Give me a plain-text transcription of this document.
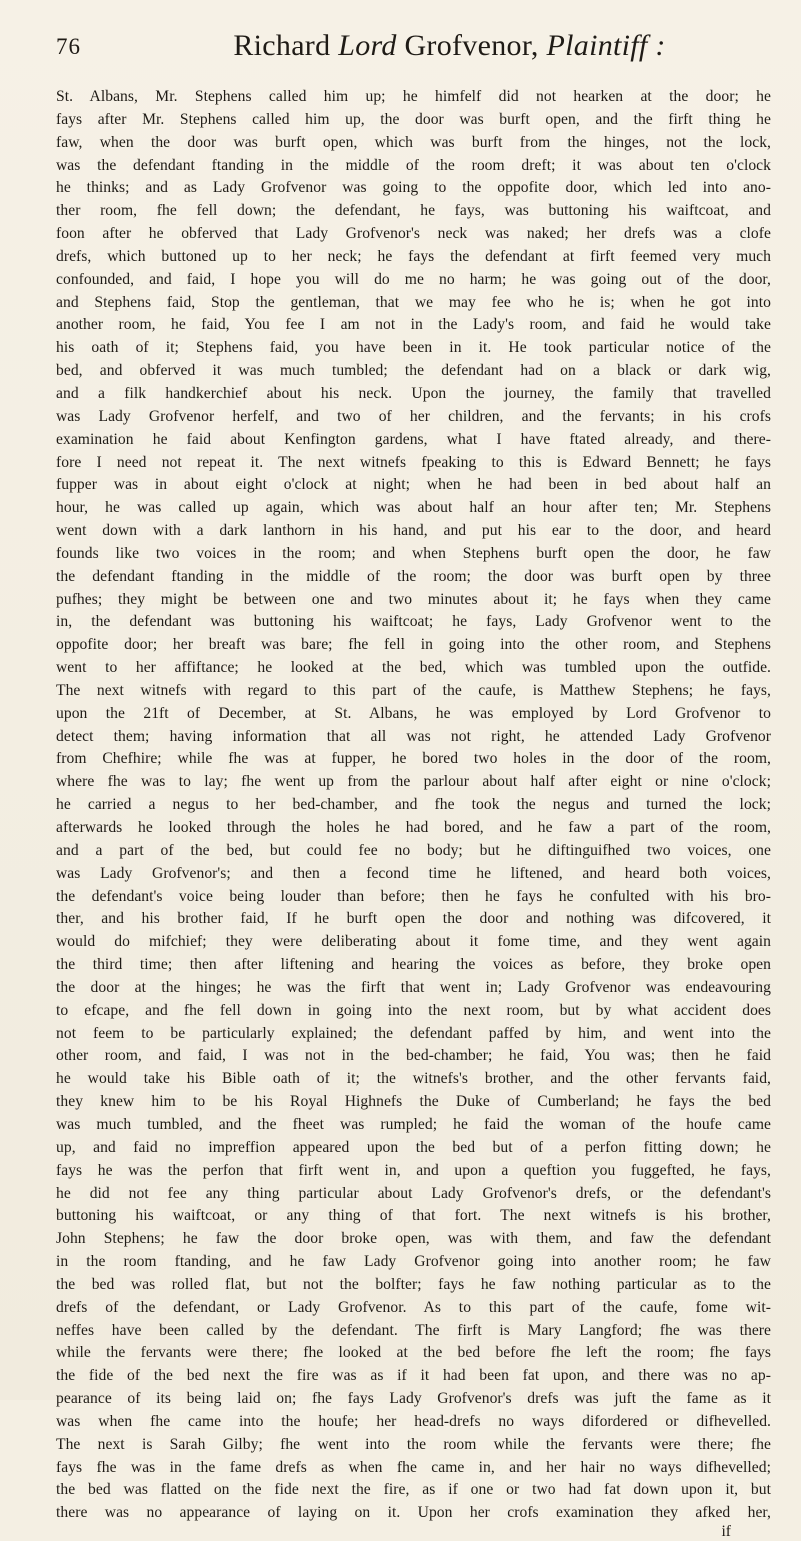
76	Richard Lord Grofvenor, Plaintiff :
St. Albans, Mr. Stephens called him up; he himfelf did not hearken at the door; he
fays after Mr. Stephens called him up, the door was burft open, and the firft thing he
faw, when the door was burft open, which was burft from the hinges, not the lock,
was the defendant ftanding in the middle of the room dreft; it was about ten o'clock
he thinks; and as Lady Grofvenor was going to the oppofite door, which led into ano-
ther room, fhe fell down; the defendant, he fays, was buttoning his waiftcoat, and
foon after he obferved that Lady Grofvenor's neck was naked; her drefs was a clofe
drefs, which buttoned up to her neck; he fays the defendant at firft feemed very much
confounded, and faid, I hope you will do me no harm; he was going out of the door,
and Stephens faid, Stop the gentleman, that we may fee who he is; when he got into
another room, he faid, You fee I am not in the Lady's room, and faid he would take
his oath of it; Stephens faid, you have been in it. He took particular notice of the
bed, and obferved it was much tumbled; the defendant had on a black or dark wig,
and a filk handkerchief about his neck. Upon the journey, the family that travelled
was Lady Grofvenor herfelf, and two of her children, and the fervants; in his crofs
examination he faid about Kenfington gardens, what I have ftated already, and there-
fore I need not repeat it. The next witnefs fpeaking to this is Edward Bennett; he fays
fupper was in about eight o'clock at night; when he had been in bed about half an
hour, he was called up again, which was about half an hour after ten; Mr. Stephens
went down with a dark lanthorn in his hand, and put his ear to the door, and heard
founds like two voices in the room; and when Stephens burft open the door, he faw
the defendant ftanding in the middle of the room; the door was burft open by three
pufhes; they might be between one and two minutes about it; he fays when they came
in, the defendant was buttoning his waiftcoat; he fays, Lady Grofvenor went to the
oppofite door; her breaft was bare; fhe fell in going into the other room, and Stephens
went to her affiftance; he looked at the bed, which was tumbled upon the outfide.
The next witnefs with regard to this part of the caufe, is Matthew Stephens; he fays,
upon the 21ft of December, at St. Albans, he was employed by Lord Grofvenor to
detect them; having information that all was not right, he attended Lady Grofvenor
from Chefhire; while fhe was at fupper, he bored two holes in the door of the room,
where fhe was to lay; fhe went up from the parlour about half after eight or nine o'clock;
he carried a negus to her bed-chamber, and fhe took the negus and turned the lock;
afterwards he looked through the holes he had bored, and he faw a part of the room,
and a part of the bed, but could fee no body; but he diftinguifhed two voices, one
was Lady Grofvenor's; and then a fecond time he liftened, and heard both voices,
the defendant's voice being louder than before; then he fays he confulted with his bro-
ther, and his brother faid, If he burft open the door and nothing was difcovered, it
would do mifchief; they were deliberating about it fome time, and they went again
the third time; then after liftening and hearing the voices as before, they broke open
the door at the hinges; he was the firft that went in; Lady Grofvenor was endeavouring
to efcape, and fhe fell down in going into the next room, but by what accident does
not feem to be particularly explained; the defendant paffed by him, and went into the
other room, and faid, I was not in the bed-chamber; he faid, You was; then he faid
he would take his Bible oath of it; the witnefs's brother, and the other fervants faid,
they knew him to be his Royal Highnefs the Duke of Cumberland; he fays the bed
was much tumbled, and the fheet was rumpled; he faid the woman of the houfe came
up, and faid no impreffion appeared upon the bed but of a perfon fitting down; he
fays he was the perfon that firft went in, and upon a queftion you fuggefted, he fays,
he did not fee any thing particular about Lady Grofvenor's drefs, or the defendant's
buttoning his waiftcoat, or any thing of that fort. The next witnefs is his brother,
John Stephens; he faw the door broke open, was with them, and faw the defendant
in the room ftanding, and he faw Lady Grofvenor going into another room; he faw
the bed was rolled flat, but not the bolfter; fays he faw nothing particular as to the
drefs of the defendant, or Lady Grofvenor. As to this part of the caufe, fome wit-
neffes have been called by the defendant. The firft is Mary Langford; fhe was there
while the fervants were there; fhe looked at the bed before fhe left the room; fhe fays
the fide of the bed next the fire was as if it had been fat upon, and there was no ap-
pearance of its being laid on; fhe fays Lady Grofvenor's drefs was juft the fame as it
was when fhe came into the houfe; her head-drefs no ways difordered or difhevelled.
The next is Sarah Gilby; fhe went into the room while the fervants were there; fhe
fays fhe was in the fame drefs as when fhe came in, and her hair no ways difhevelled;
the bed was flatted on the fide next the fire, as if one or two had fat down upon it, but
there was no appearance of laying on it. Upon her crofs examination they afked her,
if
